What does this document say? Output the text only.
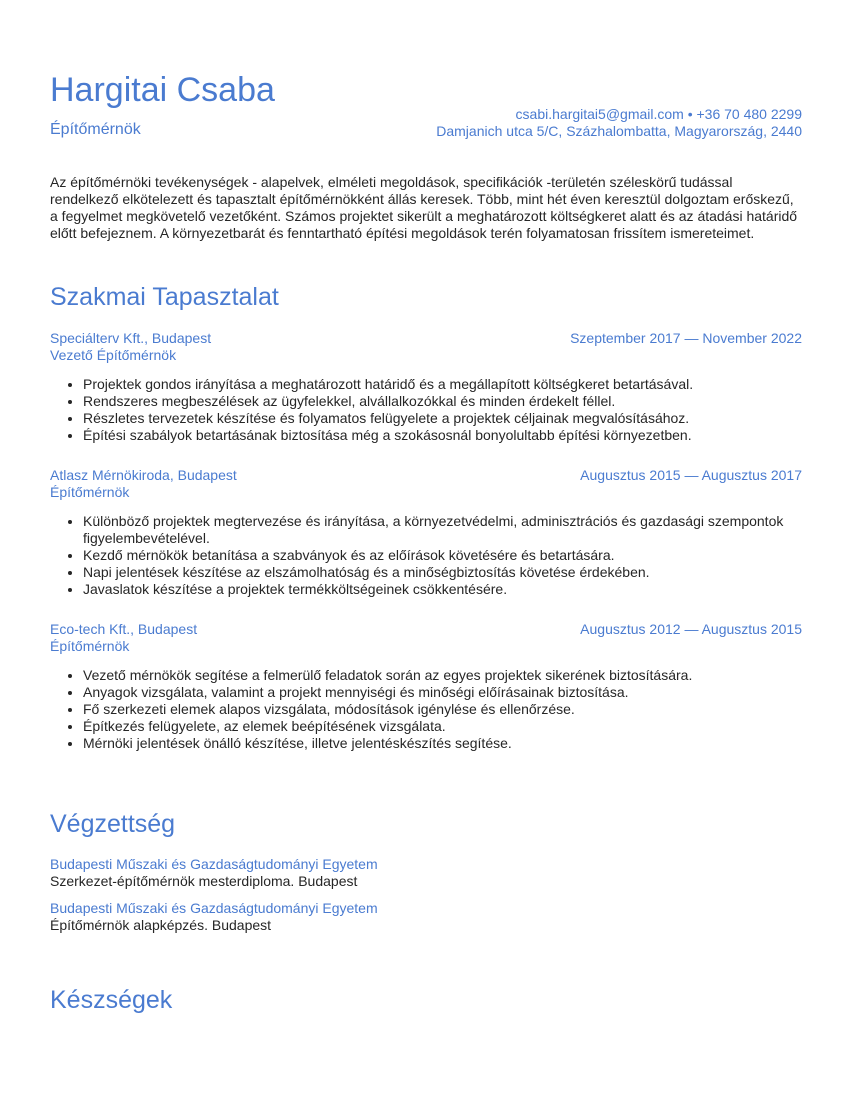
Hargitai Csaba
Építőmérnök
csabi.hargitai5@gmail.com • +36 70 480 2299
Damjanich utca 5/C, Százhalombatta, Magyarország, 2440

Az építőmérnöki tevékenységek - alapelvek, elméleti megoldások, specifikációk -területén széleskörű tudással rendelkező elkötelezett és tapasztalt építőmérnökként állás keresek. Több, mint hét éven keresztül dolgoztam erőskezű, a fegyelmet megkövetelő vezetőként. Számos projektet sikerült a meghatározott költségkeret alatt és az átadási határidő előtt befejeznem. A környezetbarát és fenntartható építési megoldások terén folyamatosan frissítem ismereteimet.

Szakmai Tapasztalat
Speciálterv Kft., Budapest	Szeptember 2017 — November 2022
Vezető Építőmérnök
• Projektek gondos irányítása a meghatározott határidő és a megállapított költségkeret betartásával.
• Rendszeres megbeszélések az ügyfelekkel, alvállalkozókkal és minden érdekelt féllel.
• Részletes tervezetek készítése és folyamatos felügyelete a projektek céljainak megvalósításához.
• Építési szabályok betartásának biztosítása még a szokásosnál bonyolultabb építési környezetben.
Atlasz Mérnökiroda, Budapest	Augusztus 2015 — Augusztus 2017
Építőmérnök
• Különböző projektek megtervezése és irányítása, a környezetvédelmi, adminisztrációs és gazdasági szempontok figyelembevételével.
• Kezdő mérnökök betanítása a szabványok és az előírások követésére és betartására.
• Napi jelentések készítése az elszámolhatóság és a minőségbiztosítás követése érdekében.
• Javaslatok készítése a projektek termékköltségeinek csökkentésére.
Eco-tech Kft., Budapest	Augusztus 2012 — Augusztus 2015
Építőmérnök
• Vezető mérnökök segítése a felmerülő feladatok során az egyes projektek sikerének biztosítására.
• Anyagok vizsgálata, valamint a projekt mennyiségi és minőségi előírásainak biztosítása.
• Fő szerkezeti elemek alapos vizsgálata, módosítások igénylése és ellenőrzése.
• Építkezés felügyelete, az elemek beépítésének vizsgálata.
• Mérnöki jelentések önálló készítése, illetve jelentéskészítés segítése.
Végzettség
Budapesti Műszaki és Gazdaságtudományi Egyetem
Szerkezet-építőmérnök mesterdiploma. Budapest
Budapesti Műszaki és Gazdaságtudományi Egyetem
Építőmérnök alapképzés. Budapest
Készségek
